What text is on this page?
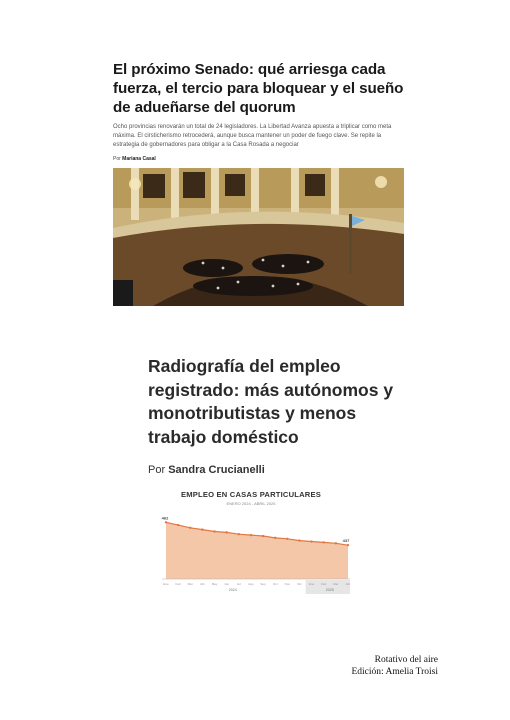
El próximo Senado: qué arriesga cada fuerza, el tercio para bloquear y el sueño de adueñarse del quorum
Ocho provincias renovarán un total de 24 legisladores. La Libertad Avanza apuesta a triplicar como meta máxima. El cirsticherismo retrocederá, aunque busca mantener un poder de fuego clave. Se repite la estrategia de gobernadores para obligar a la Casa Rosada a negociar
Por Mariana Casal
Radiografía del empleo registrado: más autónomos y monotributistas y menos trabajo doméstico
Por Sandra Crucianelli
EMPLEO EN CASAS PARTICULARES
ENERO 2024 - ABRIL 2025
Ene Feb Mar Abr May Jun	Jul	Ago Sep Oct Nov Dic Ene Feb Mar Abr
2024	2025
462
437
Rotativo del aire
Edición: Amelia Troisi
